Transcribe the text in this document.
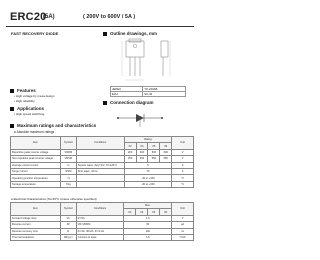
ERC20
(5A)	( 200V to 600V / 5A )
FAST RECOVERY DIODE	Outline drawings, mm
JEDEC	TO-220AB
EIAJ	SC-46
Connection diagram
Features
• High voltage by mesa design
• High reliability
Applications
• High speed switching
Maximum ratings and characteristics
● Absolute maximum ratings
Item	Symbol	Conditions	Rating				Unit
			02	04	05	06	
Repetitive peak reverse voltage	VRRM		200	400	500	600	V
Non-repetitive peak reverse voltage	VRSM		250	450	550	650	V
Average output current	Io	Square wave, duty=1/2, Tc=120°C	5				A
Surge current	IFSM	Sine wave, 10ms	70				A
Operating junction temperature	Tj		-40 to +150				°C
Storage temperature	Tstg		-40 to +150				°C
● Electrical characteristics (Ta=25°C Unless otherwise specified)
Item	Symbol	Conditions	Max.				Unit
			02	04	05	06	
Forward voltage drop	VF	IF=5A	1.5				V
Reverse current	IR	VR=VRRM	50				μA
Reverse recovery time	trr	IF=1A, IR=2A, Irr=0.2A	100				ns
Thermal resistance	Rth(j-c)	Junction to case	4.5				°C/W
